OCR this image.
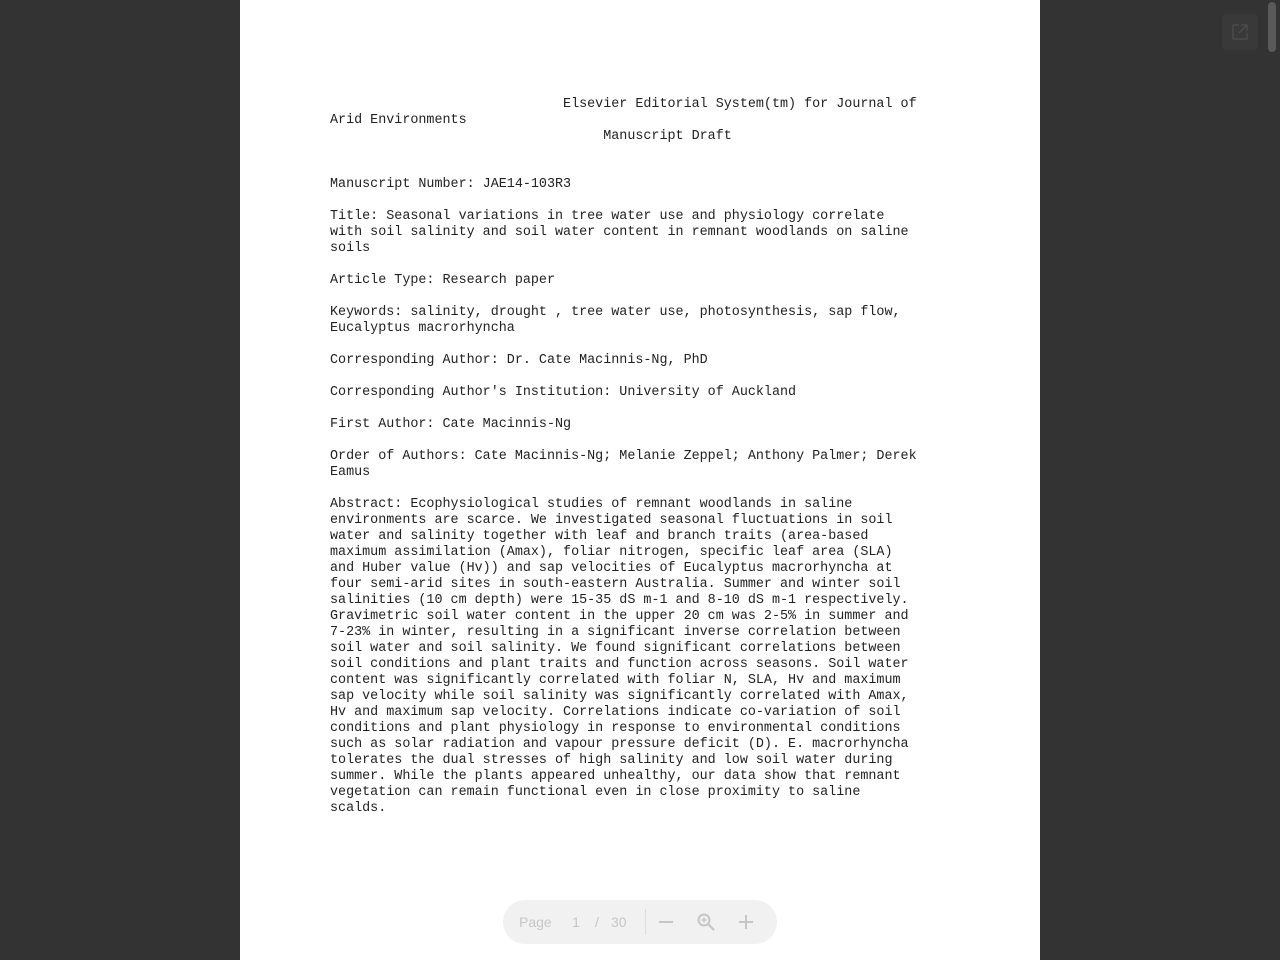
Elsevier Editorial System(tm) for Journal of
Arid Environments
Manuscript Draft
Manuscript Number: JAE14-103R3
Title: Seasonal variations in tree water use and physiology correlate
with soil salinity and soil water content in remnant woodlands on saline
soils
Article Type: Research paper
Keywords: salinity, drought , tree water use, photosynthesis, sap flow,
Eucalyptus macrorhyncha
Corresponding Author: Dr. Cate Macinnis-Ng, PhD
Corresponding Author's Institution: University of Auckland
First Author: Cate Macinnis-Ng
Order of Authors: Cate Macinnis-Ng; Melanie Zeppel; Anthony Palmer; Derek
Eamus
Abstract: Ecophysiological studies of remnant woodlands in saline
environments are scarce. We investigated seasonal fluctuations in soil
water and salinity together with leaf and branch traits (area-based
maximum assimilation (Amax), foliar nitrogen, specific leaf area (SLA)
and Huber value (Hv)) and sap velocities of Eucalyptus macrorhyncha at
four semi-arid sites in south-eastern Australia. Summer and winter soil
salinities (10 cm depth) were 15-35 dS m-1 and 8-10 dS m-1 respectively.
Gravimetric soil water content in the upper 20 cm was 2-5% in summer and
7-23% in winter, resulting in a significant inverse correlation between
soil water and soil salinity. We found significant correlations between
soil conditions and plant traits and function across seasons. Soil water
content was significantly correlated with foliar N, SLA, Hv and maximum
sap velocity while soil salinity was significantly correlated with Amax,
Hv and maximum sap velocity. Correlations indicate co-variation of soil
conditions and plant physiology in response to environmental conditions
such as solar radiation and vapour pressure deficit (D). E. macrorhyncha
tolerates the dual stresses of high salinity and low soil water during
summer. While the plants appeared unhealthy, our data show that remnant
vegetation can remain functional even in close proximity to saline
scalds.
Page 1 / 30
